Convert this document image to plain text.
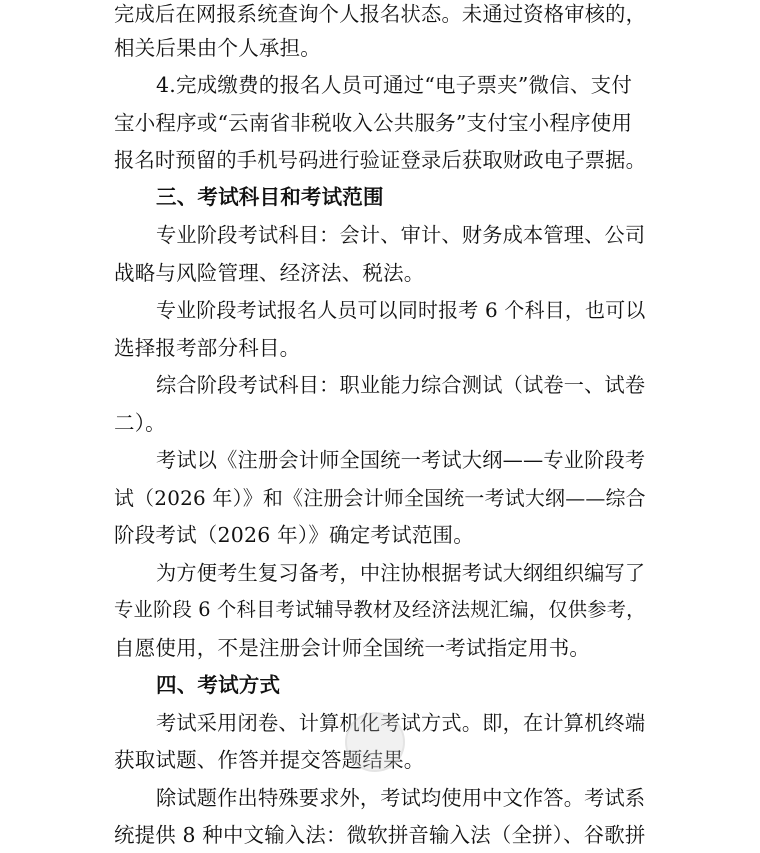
完成后在网报系统查询个人报名状态。未通过资格审核的，
相关后果由个人承担。
4.完成缴费的报名人员可通过“电子票夹”微信、支付
宝小程序或“云南省非税收入公共服务”支付宝小程序使用
报名时预留的手机号码进行验证登录后获取财政电子票据。
三、考试科目和考试范围
专业阶段考试科目：会计、审计、财务成本管理、公司
战略与风险管理、经济法、税法。
专业阶段考试报名人员可以同时报考 6 个科目，也可以
选择报考部分科目。
综合阶段考试科目：职业能力综合测试（试卷一、试卷
二）。
考试以《注册会计师全国统一考试大纲——专业阶段考
试（2026 年）》和《注册会计师全国统一考试大纲——综合
阶段考试（2026 年）》确定考试范围。
为方便考生复习备考，中注协根据考试大纲组织编写了
专业阶段 6 个科目考试辅导教材及经济法规汇编，仅供参考，
自愿使用，不是注册会计师全国统一考试指定用书。
四、考试方式
考试采用闭卷、计算机化考试方式。即，在计算机终端
获取试题、作答并提交答题结果。
除试题作出特殊要求外，考试均使用中文作答。考试系
统提供 8 种中文输入法：微软拼音输入法（全拼）、谷歌拼
